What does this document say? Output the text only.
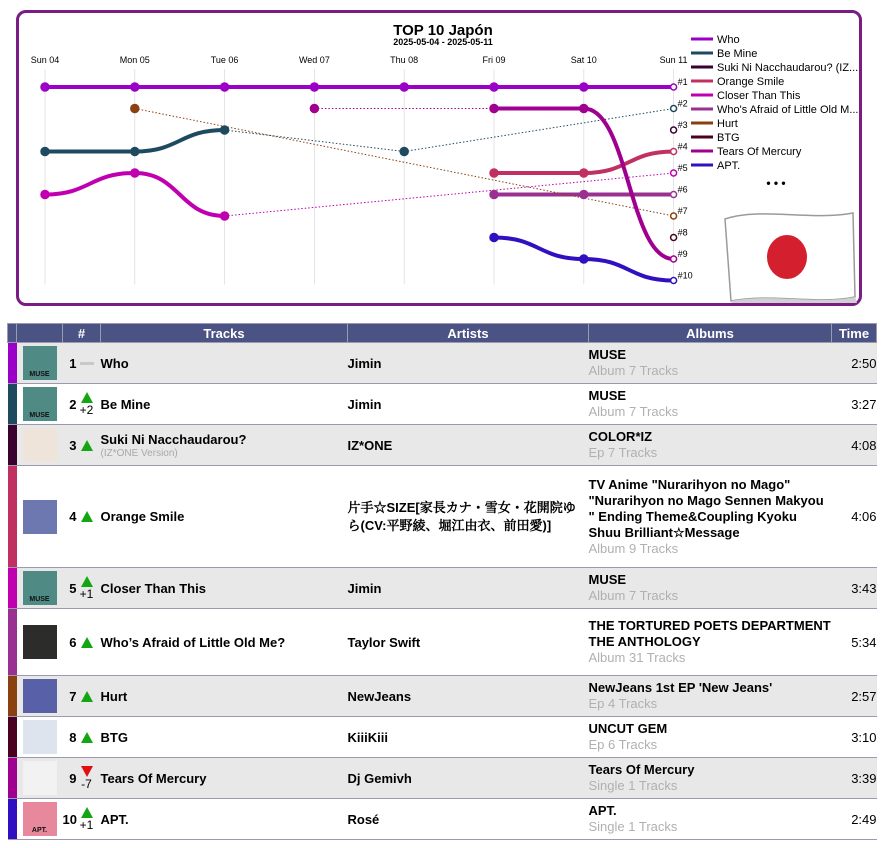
TOP 10 Japón
2025-05-04 - 2025-05-11
Sun 04	Mon 05	Tue 06	Wed 07	Thu 08	Fri 09	Sat 10	Sun 11
#1
#2
#3
#4
#5
#6
#7
#8
#9
#10
Who
Be Mine
Suki Ni Nacchaudarou? (IZ...
Orange Smile
Closer Than This
Who's Afraid of Little Old M...
Hurt
BTG
Tears Of Mercury
APT.
• • •
		#	Tracks	Artists	Albums	Time

	MUSE	1	Who	Jimin	MUSE
Album 7 Tracks	2:50

	MUSE	2 +2	Be Mine	Jimin	MUSE
Album 7 Tracks	3:27

		3	Suki Ni Nacchaudarou?
(IZ*ONE Version)	IZ*ONE	COLOR*IZ
Ep 7 Tracks	4:08

		4	Orange Smile	片手☆SIZE[家長カナ・雪女・花開院ゆら(CV:平野綾、堀江由衣、前田愛)]	TV Anime "Nurarihyon no Mago" "Nurarihyon no Mago Sennen Makyou " Ending Theme&Coupling Kyoku Shuu Brilliant☆Message
Album 9 Tracks	4:06

	MUSE	5 +1	Closer Than This	Jimin	MUSE
Album 7 Tracks	3:43

		6	Who’s Afraid of Little Old Me?	Taylor Swift	THE TORTURED POETS DEPARTMENT
THE ANTHOLOGY
Album 31 Tracks	5:34

		7	Hurt	NewJeans	NewJeans 1st EP 'New Jeans'
Ep 4 Tracks	2:57

		8	BTG	KiiiKiii	UNCUT GEM
Ep 6 Tracks	3:10

		9 -7	Tears Of Mercury	Dj Gemivh	Tears Of Mercury
Single 1 Tracks	3:39

	APT.	10 +1	APT.	Rosé	APT.
Single 1 Tracks	2:49
